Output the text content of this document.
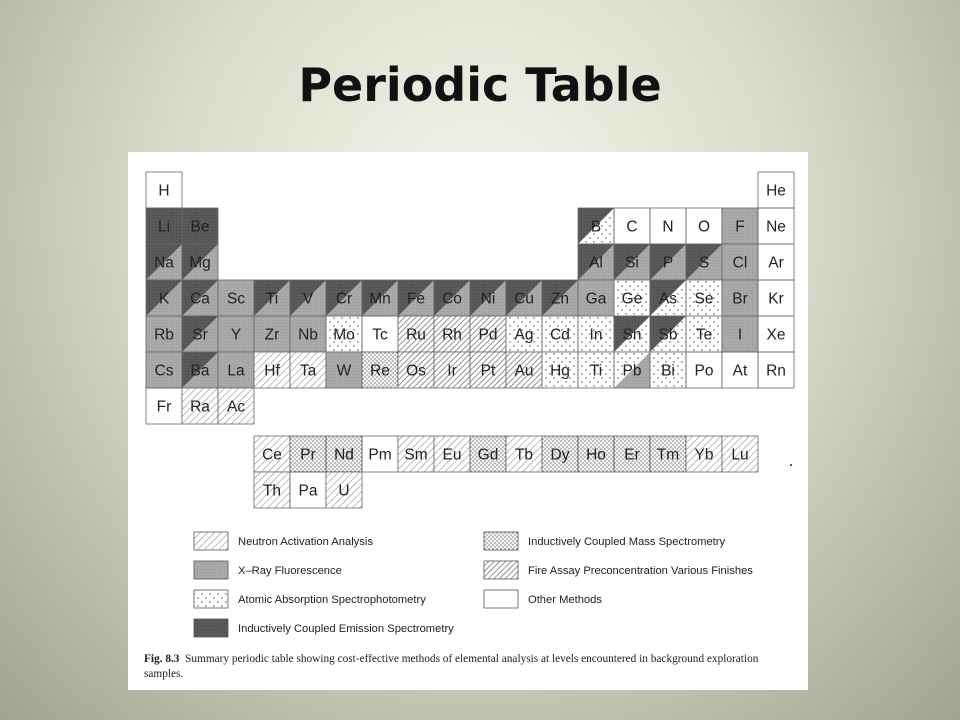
Periodic Table
H	He
Li Be	B C N O F Ne
Na Mg	Al Si P S Cl Ar
K Ca Sc Ti V Cr Mn Fe Co Ni Cu Zn Ga Ge As Se Br Kr
Rb Sr Y Zr Nb Mo Tc Ru Rh Pd Ag Cd In Sn Sb Te I Xe
Cs Ba La Hf Ta W Re Os Ir Pt Au Hg Ti Pb Bi Po At Rn
Fr Ra Ac
Ce Pr Nd Pm Sm Eu Gd Tb Dy Ho Er Tm Yb Lu
Th Pa U
Neutron Activation Analysis
X–Ray Fluorescence
Atomic Absorption Spectrophotometry
Inductively Coupled Emission Spectrometry
Inductively Coupled Mass Spectrometry
Fire Assay Preconcentration Various Finishes
Other Methods
Fig. 8.3 Summary periodic table showing cost-effective methods of elemental analysis at levels encountered in background exploration samples.
